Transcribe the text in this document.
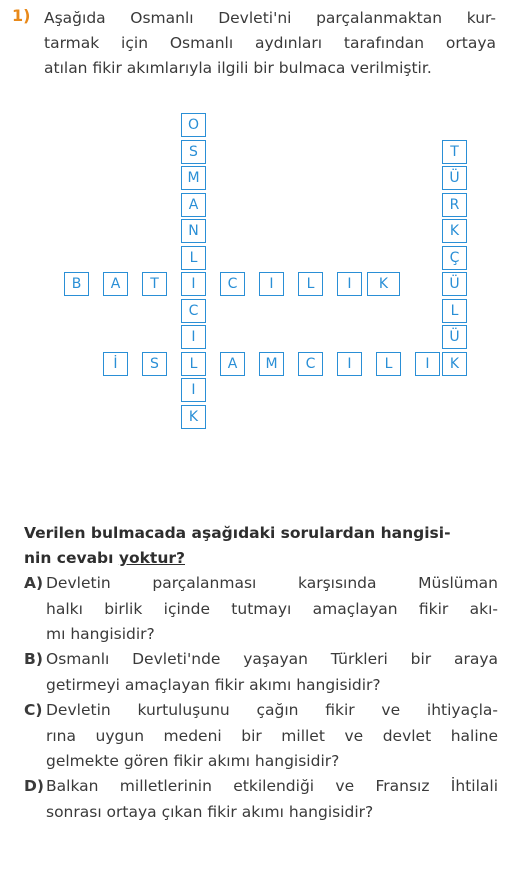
1) Aşağıda Osmanlı Devleti'ni parçalanmaktan kur-
tarmak için Osmanlı aydınları tarafından ortaya
atılan fikir akımlarıyla ilgili bir bulmaca verilmiştir.
O
S
M
A
N
L
I
C
I
L
I
K
T
Ü
R
K
Ç
Ü
L
Ü
K
B	A	T	C	I	L	I	K
İ	S	A	M	C	I	L	I
Verilen bulmacada aşağıdaki sorulardan hangisi-
nin cevabı yoktur?
A) Devletin parçalanması karşısında Müslüman
halkı birlik içinde tutmayı amaçlayan fikir akı-
mı hangisidir?
B) Osmanlı Devleti'nde yaşayan Türkleri bir araya
getirmeyi amaçlayan fikir akımı hangisidir?
C) Devletin kurtuluşunu çağın fikir ve ihtiyaçla-
rına uygun medeni bir millet ve devlet haline
gelmekte gören fikir akımı hangisidir?
D) Balkan milletlerinin etkilendiği ve Fransız İhtilali
sonrası ortaya çıkan fikir akımı hangisidir?
